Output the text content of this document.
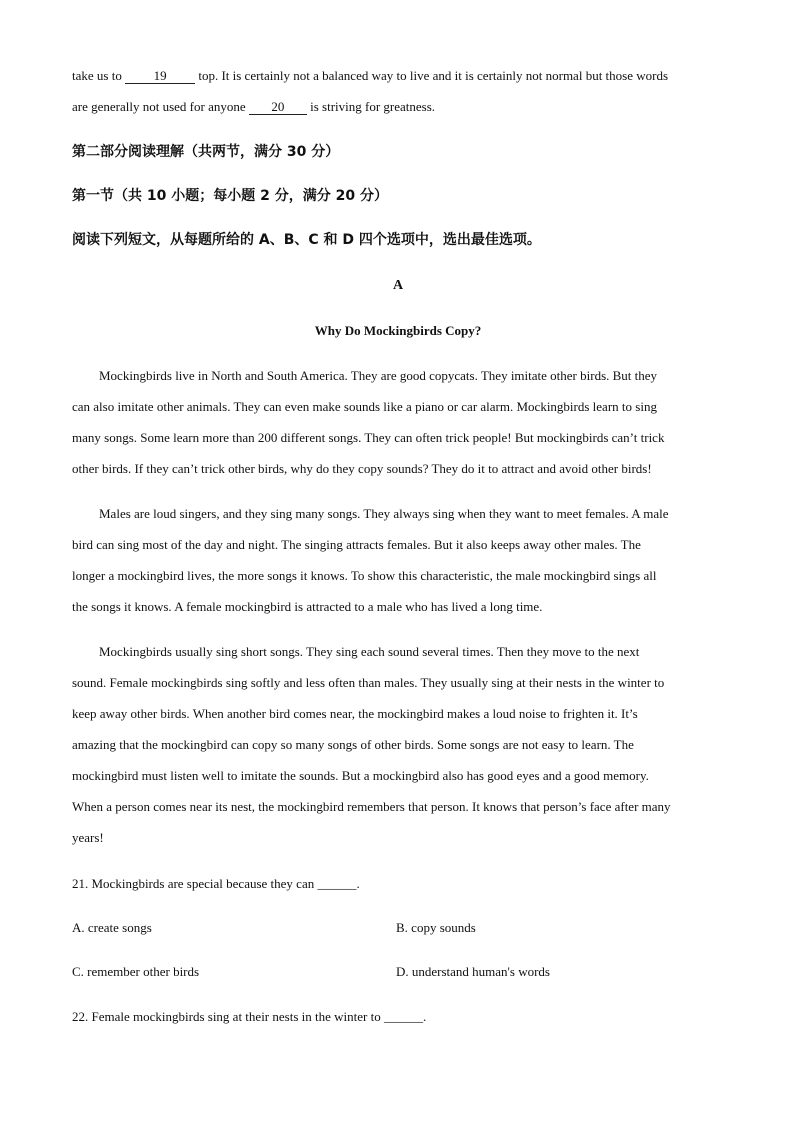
take us to 19 top. It is certainly not a balanced way to live and it is certainly not normal but those words
are generally not used for anyone 20 is striving for greatness.
第二部分阅读理解（共两节，满分 30 分）
第一节（共 10 小题；每小题 2 分，满分 20 分）
阅读下列短文，从每题所给的 A、B、C 和 D 四个选项中，选出最佳选项。
A
Why Do Mockingbirds Copy?
Mockingbirds live in North and South America. They are good copycats. They imitate other birds. But they
can also imitate other animals. They can even make sounds like a piano or car alarm. Mockingbirds learn to sing
many songs. Some learn more than 200 different songs. They can often trick people! But mockingbirds can’t trick
other birds. If they can’t trick other birds, why do they copy sounds? They do it to attract and avoid other birds!
Males are loud singers, and they sing many songs. They always sing when they want to meet females. A male
bird can sing most of the day and night. The singing attracts females. But it also keeps away other males. The
longer a mockingbird lives, the more songs it knows. To show this characteristic, the male mockingbird sings all
the songs it knows. A female mockingbird is attracted to a male who has lived a long time.
Mockingbirds usually sing short songs. They sing each sound several times. Then they move to the next
sound. Female mockingbirds sing softly and less often than males. They usually sing at their nests in the winter to
keep away other birds. When another bird comes near, the mockingbird makes a loud noise to frighten it. It’s
amazing that the mockingbird can copy so many songs of other birds. Some songs are not easy to learn. The
mockingbird must listen well to imitate the sounds. But a mockingbird also has good eyes and a good memory.
When a person comes near its nest, the mockingbird remembers that person. It knows that person’s face after many
years!
21. Mockingbirds are special because they can ______.
A. create songs	B. copy sounds
C. remember other birds	D. understand human's words
22. Female mockingbirds sing at their nests in the winter to ______.
